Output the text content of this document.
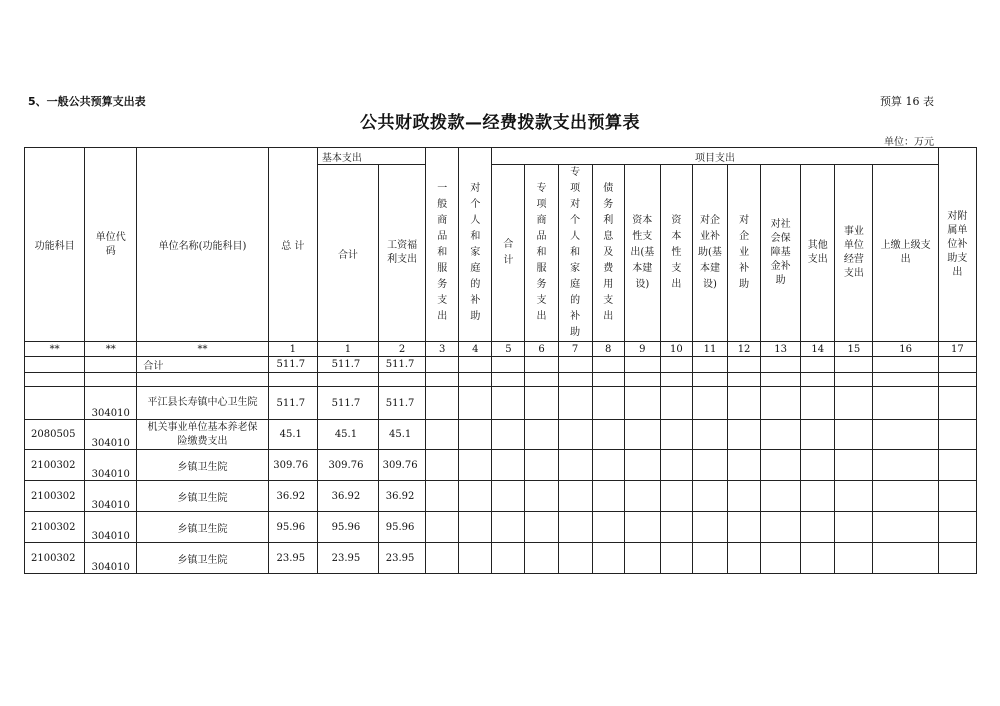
5、一般公共预算支出表	预算 16 表
公共财政拨款—经费拨款支出预算表
单位：万元
功能科目	单位代码	单位名称(功能科目)	总 计	基本支出				项目支出												对附属单位补助支出
				合计	工资福利支出	一般商品和服务支出	对个人和家庭的补助	合计	专项商品和服务支出	专项对个人和家庭的补助	债务利息及费用支出	资本性支出(基本建设)	资本性支出	对企业补助(基本建设)	对企业补助	对社会保障基金补助	其他支出	事业单位经营支出	上缴上级支出	
**	**	**	1	1	2	3	4	5	6	7	8	9	10	11	12	13	14	15	16	17
		合计	511.7	511.7	511.7															

	304010	平江县长寿镇中心卫生院	511.7	511.7	511.7															
2080505	304010	机关事业单位基本养老保险缴费支出	45.1	45.1	45.1															
2100302	304010	乡镇卫生院	309.76	309.76	309.76															
2100302	304010	乡镇卫生院	36.92	36.92	36.92															
2100302	304010	乡镇卫生院	95.96	95.96	95.96															
2100302	304010	乡镇卫生院	23.95	23.95	23.95															
